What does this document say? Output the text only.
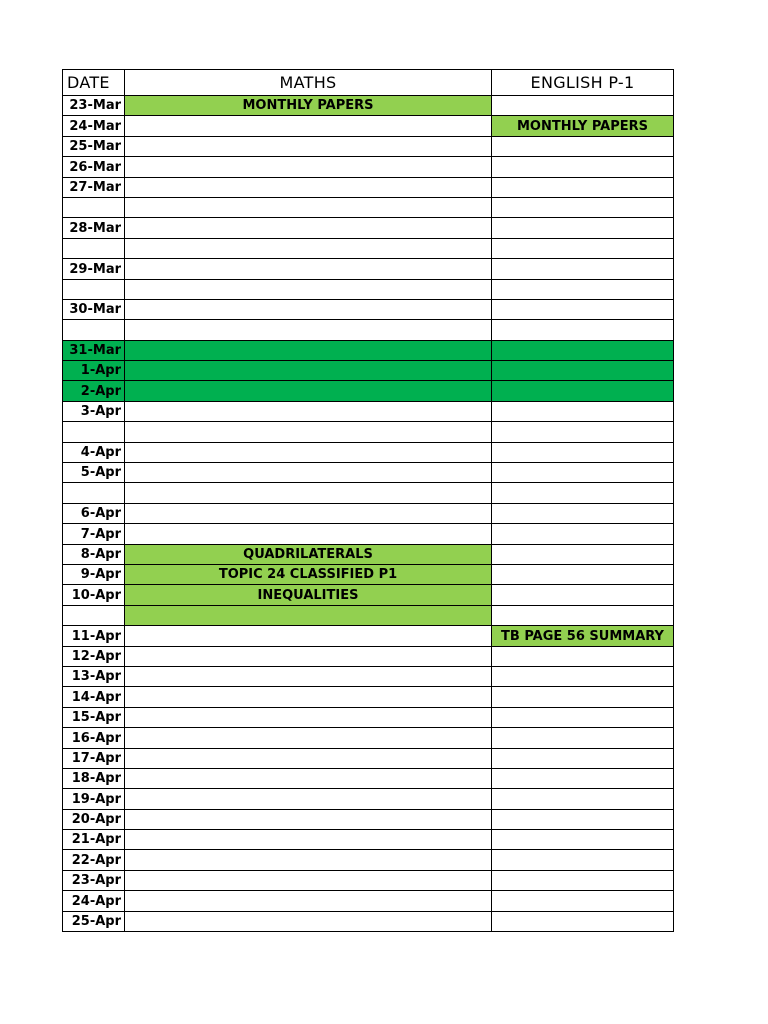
DATE	MATHS	ENGLISH P-1
23-Mar	MONTHLY PAPERS	
24-Mar		MONTHLY PAPERS
25-Mar		
26-Mar		
27-Mar		

28-Mar		

29-Mar		

30-Mar		

31-Mar		
1-Apr		
2-Apr		
3-Apr		

4-Apr		
5-Apr		

6-Apr		
7-Apr		
8-Apr	QUADRILATERALS	
9-Apr	TOPIC 24 CLASSIFIED P1	
10-Apr	INEQUALITIES	

11-Apr		TB PAGE 56 SUMMARY
12-Apr		
13-Apr		
14-Apr		
15-Apr		
16-Apr		
17-Apr		
18-Apr		
19-Apr		
20-Apr		
21-Apr		
22-Apr		
23-Apr		
24-Apr		
25-Apr		
